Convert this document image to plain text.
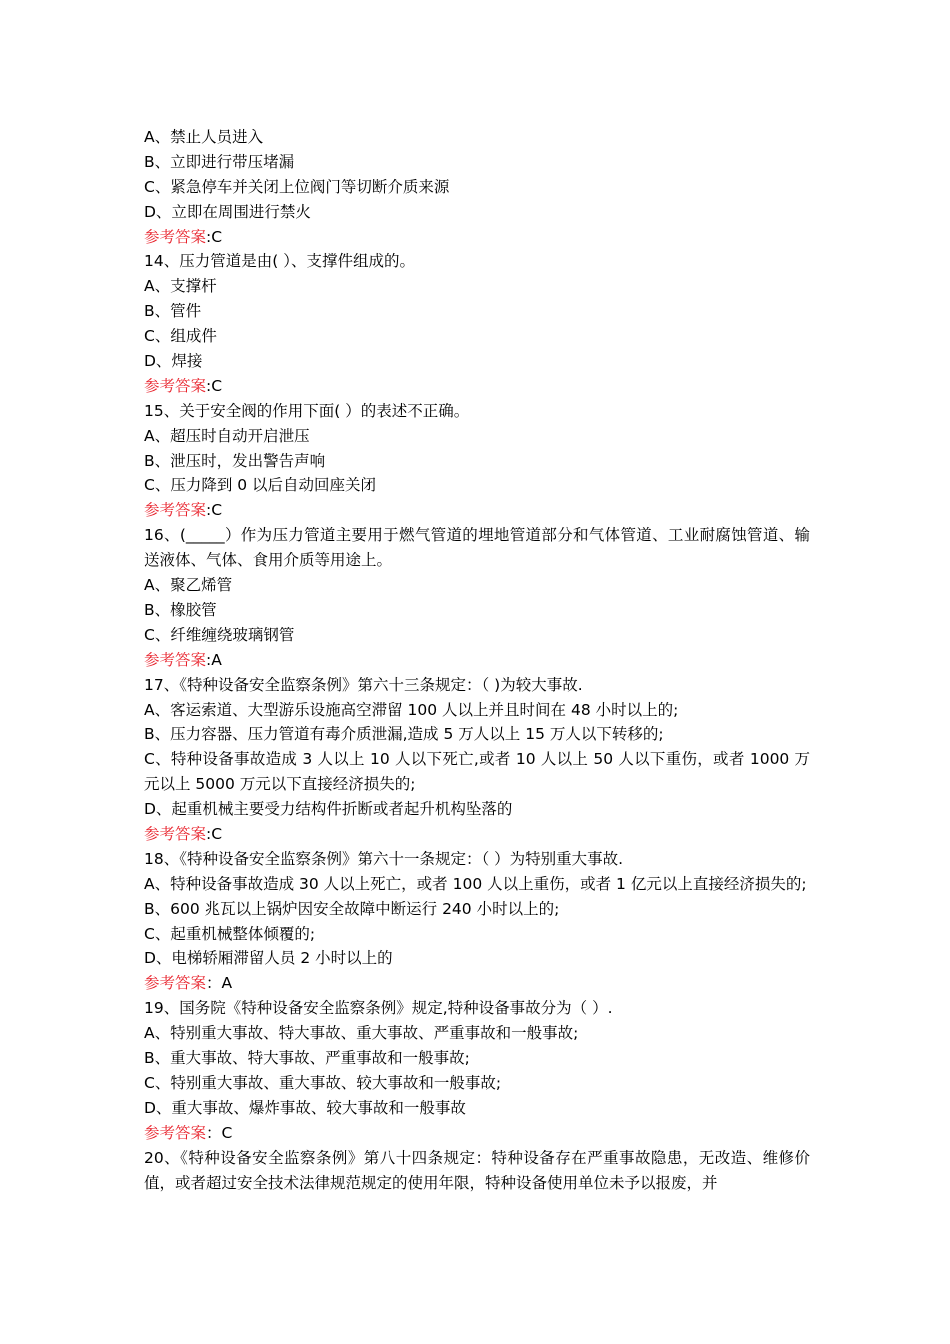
A、禁止人员进入
B、立即进行带压堵漏
C、紧急停车并关闭上位阀门等切断介质来源
D、立即在周围进行禁火
参考答案:C
14、压力管道是由( ）、支撑件组成的。
A、支撑杆
B、管件
C、组成件
D、焊接
参考答案:C
15、关于安全阀的作用下面( ）的表述不正确。
A、超压时自动开启泄压
B、泄压时，发出警告声响
C、压力降到 0 以后自动回座关闭
参考答案:C
16、(_____）作为压力管道主要用于燃气管道的埋地管道部分和气体管道、工业耐腐蚀管道、输送液体、气体、食用介质等用途上。
A、聚乙烯管
B、橡胶管
C、纤维缠绕玻璃钢管
参考答案:A
17、《特种设备安全监察条例》第六十三条规定：（ )为较大事故.
A、客运索道、大型游乐设施高空滞留 100 人以上并且时间在 48 小时以上的;
B、压力容器、压力管道有毒介质泄漏,造成 5 万人以上 15 万人以下转移的;
C、特种设备事故造成 3 人以上 10 人以下死亡,或者 10 人以上 50 人以下重伤，或者 1000 万元以上 5000 万元以下直接经济损失的;
D、起重机械主要受力结构件折断或者起升机构坠落的
参考答案:C
18、《特种设备安全监察条例》第六十一条规定：（ ）为特别重大事故.
A、特种设备事故造成 30 人以上死亡，或者 100 人以上重伤，或者 1 亿元以上直接经济损失的;
B、600 兆瓦以上锅炉因安全故障中断运行 240 小时以上的;
C、起重机械整体倾覆的;
D、电梯轿厢滞留人员 2 小时以上的
参考答案：A
19、国务院《特种设备安全监察条例》规定,特种设备事故分为（ ）.
A、特别重大事故、特大事故、重大事故、严重事故和一般事故;
B、重大事故、特大事故、严重事故和一般事故;
C、特别重大事故、重大事故、较大事故和一般事故;
D、重大事故、爆炸事故、较大事故和一般事故
参考答案：C
20、《特种设备安全监察条例》第八十四条规定：特种设备存在严重事故隐患，无改造、维修价值，或者超过安全技术法律规范规定的使用年限，特种设备使用单位未予以报废，并
